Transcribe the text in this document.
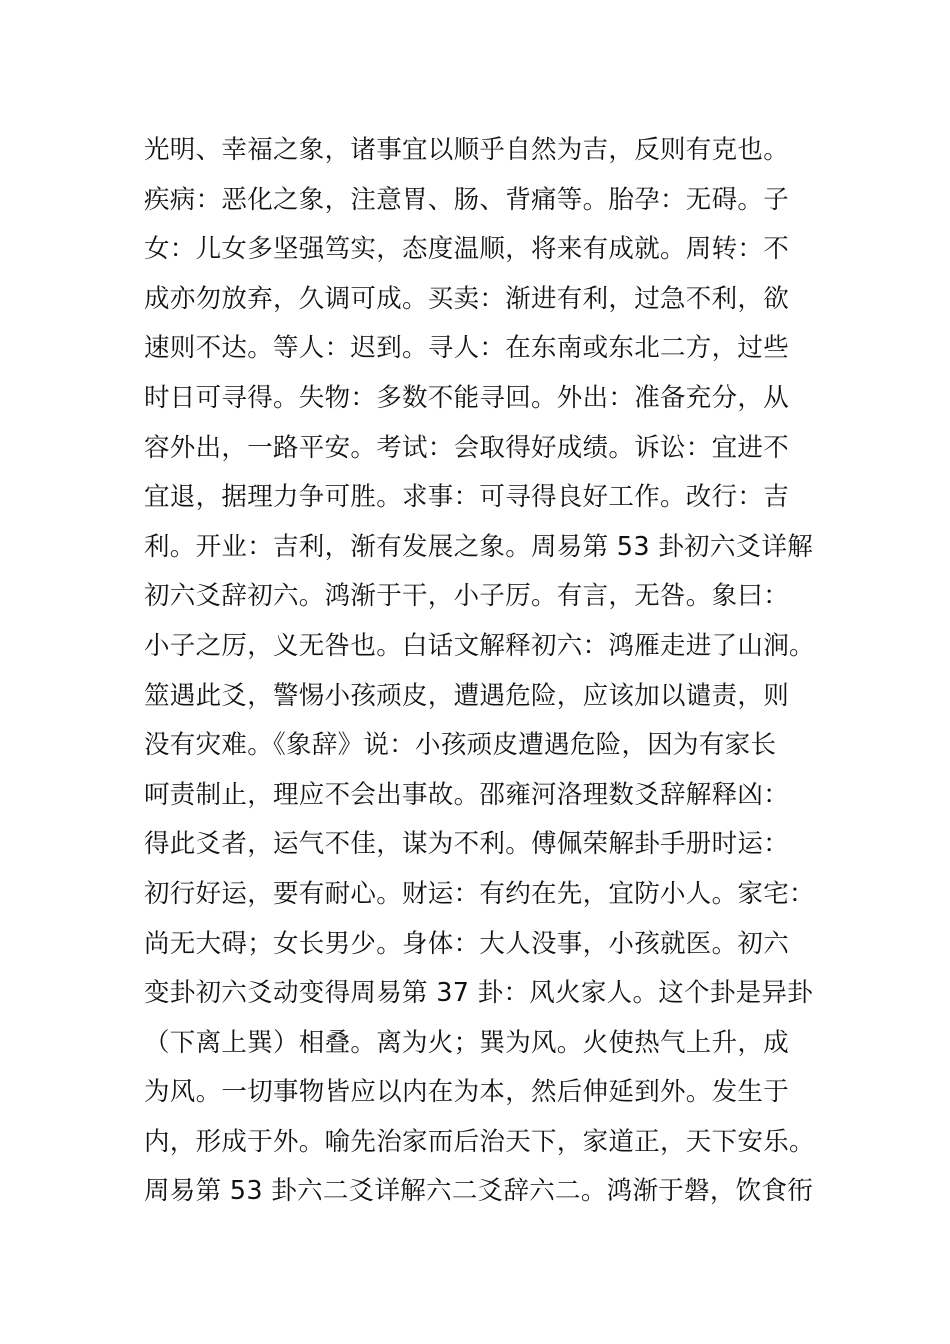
光明、幸福之象，诸事宜以顺乎自然为吉，反则有克也。
疾病：恶化之象，注意胃、肠、背痛等。胎孕：无碍。子
女：儿女多坚强笃实，态度温顺，将来有成就。周转：不
成亦勿放弃，久调可成。买卖：渐进有利，过急不利，欲
速则不达。等人：迟到。寻人：在东南或东北二方，过些
时日可寻得。失物：多数不能寻回。外出：准备充分，从
容外出，一路平安。考试：会取得好成绩。诉讼：宜进不
宜退，据理力争可胜。求事：可寻得良好工作。改行：吉
利。开业：吉利，渐有发展之象。周易第 53 卦初六爻详解
初六爻辞初六。鸿渐于干，小子厉。有言，无咎。象曰：
小子之厉，义无咎也。白话文解释初六：鸿雁走进了山涧。
筮遇此爻，警惕小孩顽皮，遭遇危险，应该加以谴责，则
没有灾难。《象辞》说：小孩顽皮遭遇危险，因为有家长
呵责制止，理应不会出事故。邵雍河洛理数爻辞解释凶：
得此爻者，运气不佳，谋为不利。傅佩荣解卦手册时运：
初行好运，要有耐心。财运：有约在先，宜防小人。家宅：
尚无大碍；女长男少。身体：大人没事，小孩就医。初六
变卦初六爻动变得周易第 37 卦：风火家人。这个卦是异卦
（下离上巽）相叠。离为火；巽为风。火使热气上升，成
为风。一切事物皆应以内在为本，然后伸延到外。发生于
内，形成于外。喻先治家而后治天下，家道正，天下安乐。
周易第 53 卦六二爻详解六二爻辞六二。鸿渐于磐，饮食衎
